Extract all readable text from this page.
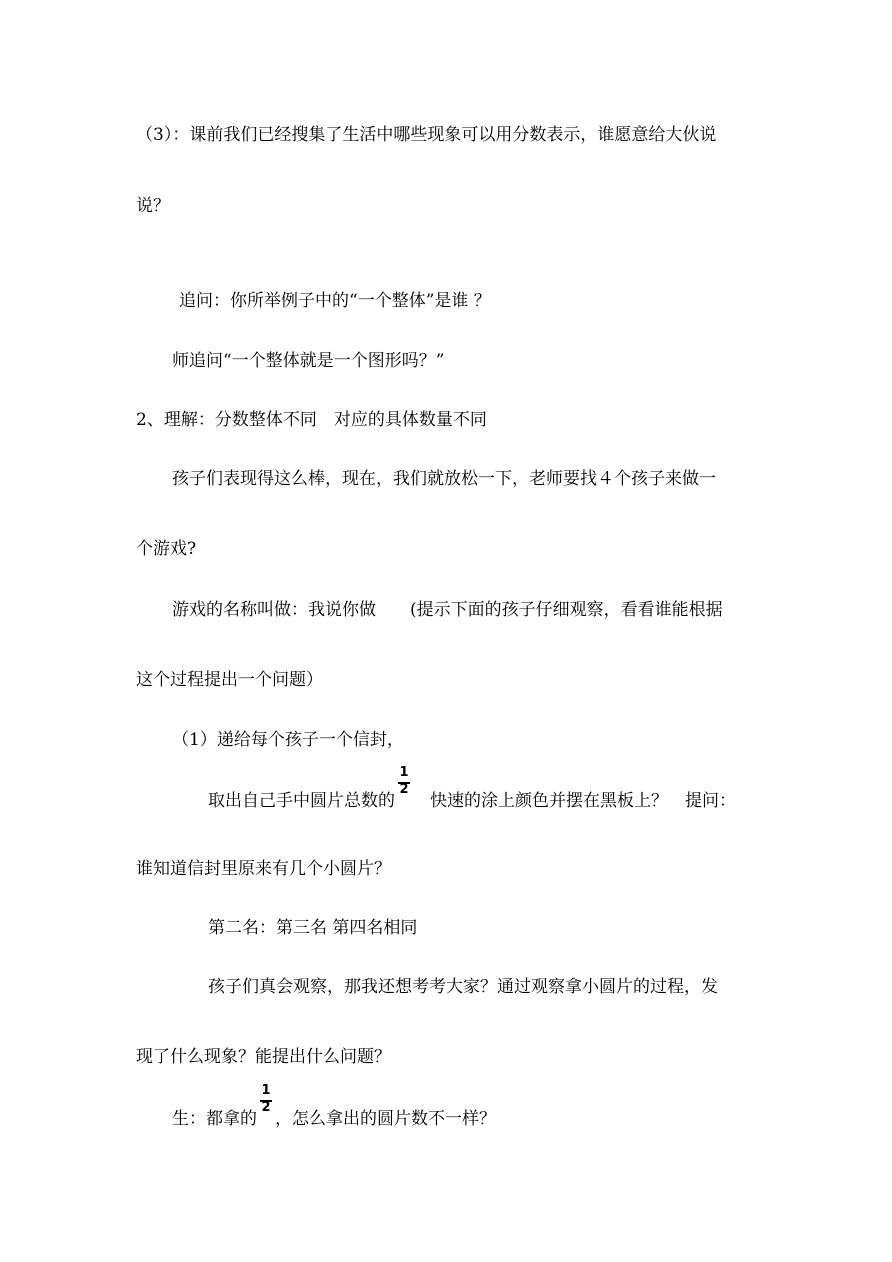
（3）：课前我们已经搜集了生活中哪些现象可以用分数表示，谁愿意给大伙说
说？
追问：你所举例子中的“一个整体”是谁 ？
师追问“一个整体就是一个图形吗？”
2、理解：分数整体不同　对应的具体数量不同
孩子们表现得这么棒，现在，我们就放松一下，老师要找４个孩子来做一
个游戏?
游戏的名称叫做：我说你做　　(提示下面的孩子仔细观察，看看谁能根据
这个过程提出一个问题）
（1）递给每个孩子一个信封，
取出自己手中圆片总数的 $\frac{1}{2}$ 　快速的涂上颜色并摆在黑板上？　提问：
谁知道信封里原来有几个小圆片？
第二名：第三名 第四名相同
孩子们真会观察，那我还想考考大家？通过观察拿小圆片的过程，发
现了什么现象？能提出什么问题？
生：都拿的 $\frac{1}{2}$ ，怎么拿出的圆片数不一样？
